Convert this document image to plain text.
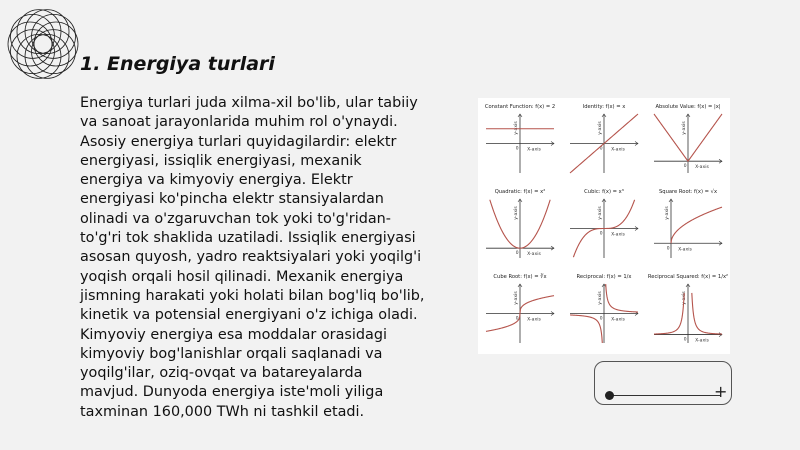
1. Energiya turlari

Energiya turlari juda xilma-xil bo'lib, ular tabiiy va sanoat jarayonlarida muhim rol o'ynaydi. Asosiy energiya turlari quyidagilardir: elektr energiyasi, issiqlik energiyasi, mexanik energiya va kimyoviy energiya. Elektr energiyasi ko'pincha elektr stansiyalardan olinadi va o'zgaruvchan tok yoki to'g'ridan-to'g'ri tok shaklida uzatiladi. Issiqlik energiyasi asosan quyosh, yadro reaktsiyalari yoki yoqilg'i yoqish orqali hosil qilinadi. Mexanik energiya jismning harakati yoki holati bilan bog'liq bo'lib, kinetik va potensial energiyani o'z ichiga oladi. Kimyoviy energiya esa moddalar orasidagi kimyoviy bog'lanishlar orqali saqlanadi va yoqilg'ilar, oziq-ovqat va batareyalarda mavjud. Dunyoda energiya iste'moli yiliga taxminan 160,000 TWh ni tashkil etadi.

Constant Function: f(x) = 2
X-axis
y-axis
0
Identity: f(x) = x
X-axis
y-axis
0
Absolute Value: f(x) = |x|
X-axis
y-axis
0
Quadratic: f(x) = x²
X-axis
y-axis
0
Cubic: f(x) = x³
X-axis
y-axis
0
Square Root: f(x) = √x
X-axis
y-axis
0
Cube Root: f(x) = ∛x
X-axis
y-axis
0
Reciprocal: f(x) = 1/x
X-axis
y-axis
0
Reciprocal Squared: f(x) = 1/x²
X-axis
y-axis
0
+
